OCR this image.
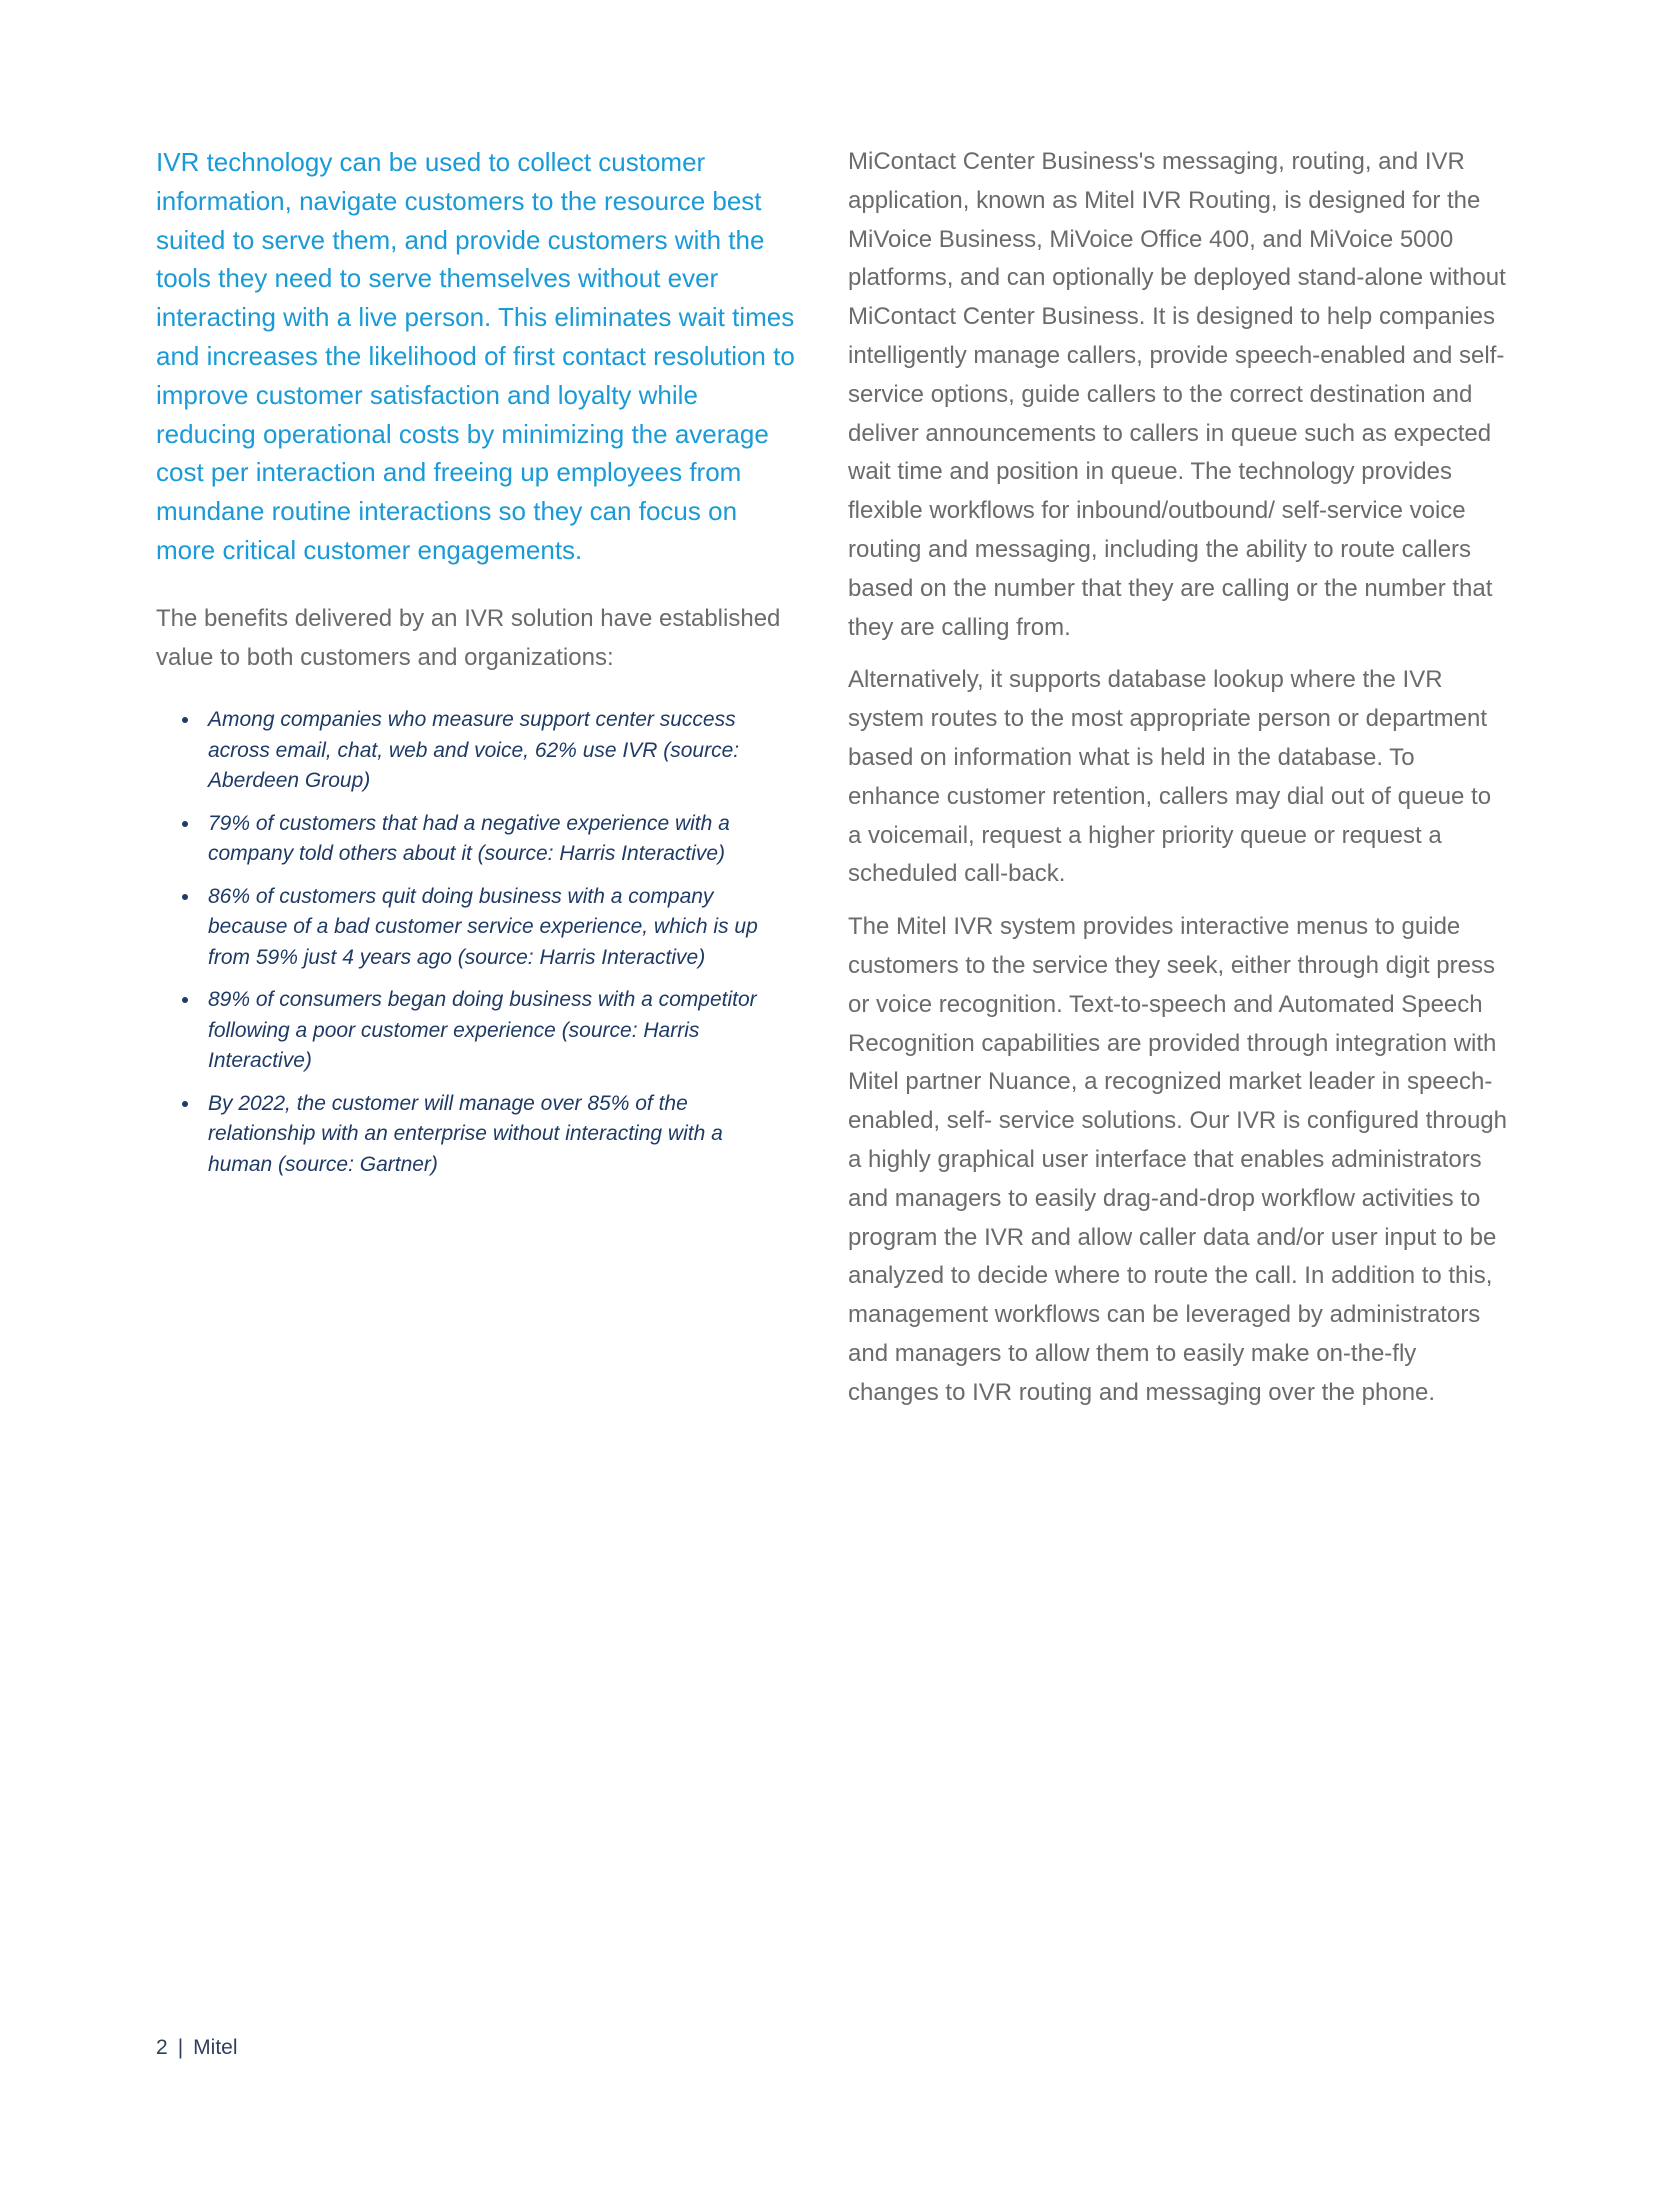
IVR technology can be used to collect customer information, navigate customers to the resource best suited to serve them, and provide customers with the tools they need to serve themselves without ever interacting with a live person. This eliminates wait times and increases the likelihood of first contact resolution to improve customer satisfaction and loyalty while reducing operational costs by minimizing the average cost per interaction and freeing up employees from mundane routine interactions so they can focus on more critical customer engagements.

The benefits delivered by an IVR solution have established value to both customers and organizations:

Among companies who measure support center success across email, chat, web and voice, 62% use IVR (source: Aberdeen Group)
79% of customers that had a negative experience with a company told others about it (source: Harris Interactive)
86% of customers quit doing business with a company because of a bad customer service experience, which is up from 59% just 4 years ago (source: Harris Interactive)
89% of consumers began doing business with a competitor following a poor customer experience (source: Harris Interactive)
By 2022, the customer will manage over 85% of the relationship with an enterprise without interacting with a human (source: Gartner)

MiContact Center Business's messaging, routing, and IVR application, known as Mitel IVR Routing, is designed for the MiVoice Business, MiVoice Office 400, and MiVoice 5000 platforms, and can optionally be deployed stand-alone without MiContact Center Business. It is designed to help companies intelligently manage callers, provide speech-enabled and self-service options, guide callers to the correct destination and deliver announcements to callers in queue such as expected wait time and position in queue. The technology provides flexible workflows for inbound/outbound/ self-service voice routing and messaging, including the ability to route callers based on the number that they are calling or the number that they are calling from.

Alternatively, it supports database lookup where the IVR system routes to the most appropriate person or department based on information what is held in the database. To enhance customer retention, callers may dial out of queue to a voicemail, request a higher priority queue or request a scheduled call-back.

The Mitel IVR system provides interactive menus to guide customers to the service they seek, either through digit press or voice recognition. Text-to-speech and Automated Speech Recognition capabilities are provided through integration with Mitel partner Nuance, a recognized market leader in speech-enabled, self- service solutions. Our IVR is configured through a highly graphical user interface that enables administrators and managers to easily drag-and-drop workflow activities to program the IVR and allow caller data and/or user input to be analyzed to decide where to route the call. In addition to this, management workflows can be leveraged by administrators and managers to allow them to easily make on-the-fly changes to IVR routing and messaging over the phone.

2 | Mitel
